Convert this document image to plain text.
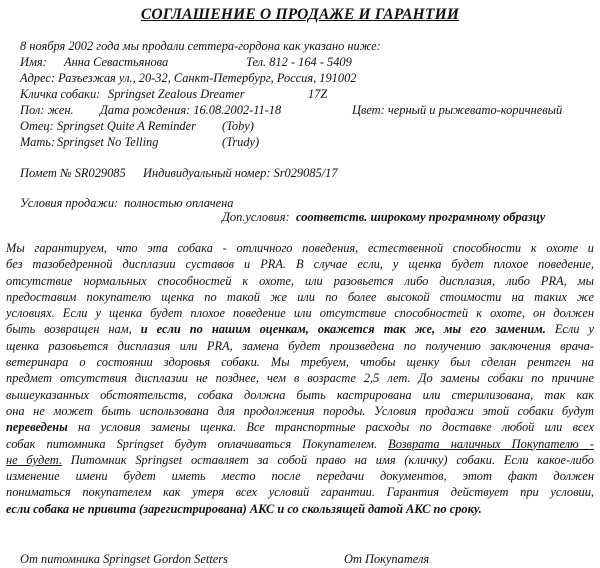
СОГЛАШЕНИЕ О ПРОДАЖЕ И ГАРАНТИИ
8 ноября 2002 года мы продали сеттера-гордона как указано ниже:
Имя: Анна Севастьянова	Тел. 812 - 164 - 5409
Адрес: Разъезжая ул., 20-32, Санкт-Петербург, Россия, 191002
Кличка собаки: Springset Zealous Dreamer	17Z
Пол: жен. Дата рождения: 16.08.2002-11-18	Цвет: черный и рыжевато-коричневый
Отец: Springset Quite A Reminder (Toby)
Мать: Springset No Telling	(Trudy)
Помет № SR029085 Индивидуальный номер: Sr029085/17
Условия продажи: полностью оплачена
Доп.условия: соответств. широкому програмному образцу
Мы гарантируем, что эта собака - отличного поведения, естественной способности к охоте и
без тазобедренной дисплазии суставов и PRA. В случае если, у щенка будет плохое поведение,
отсутствие нормальных способностей к охоте, или разовьется либо дисплазия, либо PRA, мы
предоставим покупателю щенка по такой же или по более высокой стоимости на таких же
условиях. Если у щенка будет плохое поведение или отсутствие способностей к охоте, он должен
быть возвращен нам, и если по нашим оценкам, окажется так же, мы его заменим. Если у
щенка разовьется дисплазия или PRA, замена будет произведена по получению заключения врача-
ветеринара о состоянии здоровья собаки. Мы требуем, чтобы щенку был сделан рентген на
предмет отсутствия дисплазии не позднее, чем в возрасте 2,5 лет. До замены собаки по причине
вышеуказанных обстоятельств, собака должна быть кастрирована или стерилизована, так как
она не может быть использована для продолжения породы. Условия продажи этой собаки будут
переведены на условия замены щенка. Все транспортные расходы по доставке любой или всех
собак питомника Springset будут оплачиваться Покупателем. Возврата наличных Покупателю -
не будет. Питомник Springset оставляет за собой право на имя (кличку) собаки. Если какое-либо
изменение имени будет иметь место после передачи документов, этот факт должен
пониматься покупателем как утеря всех условий гарантии. Гарантия действует при условии,
если собака не привита (зарегистрирована) АКС и со скользящей датой АКС по сроку.
От питомника Springset Gordon Setters	От Покупателя
